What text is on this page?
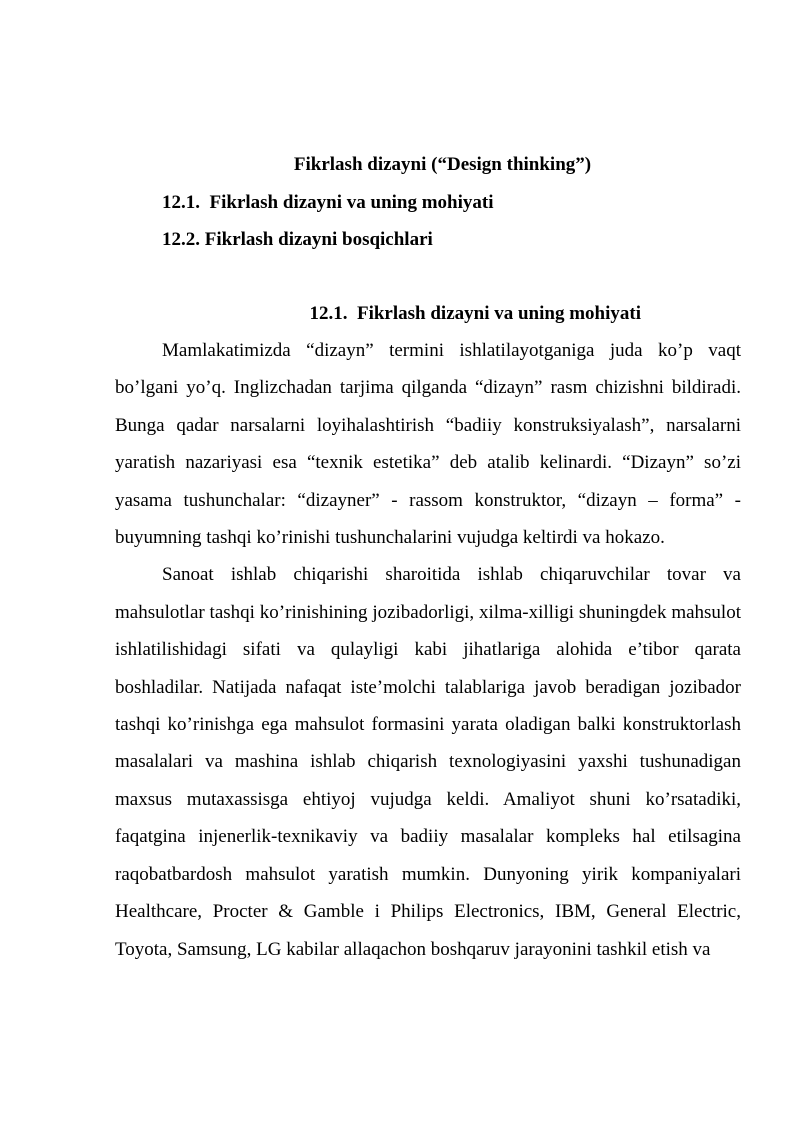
Fikrlash dizayni (“Design thinking”)
12.1.  Fikrlash dizayni va uning mohiyati
12.2. Fikrlash dizayni bosqichlari
12.1.  Fikrlash dizayni va uning mohiyati

Mamlakatimizda “dizayn” termini ishlatilayotganiga juda ko’p vaqt bo’lgani yo’q. Inglizchadan tarjima qilganda “dizayn” rasm chizishni bildiradi. Bunga qadar narsalarni loyihalashtirish “badiiy konstruksiyalash”, narsalarni yaratish nazariyasi esa “texnik estetika” deb atalib kelinardi. “Dizayn” so’zi yasama tushunchalar: “dizayner” - rassom konstruktor, “dizayn – forma” - buyumning tashqi ko’rinishi tushunchalarini vujudga keltirdi va hokazo.

Sanoat ishlab chiqarishi sharoitida ishlab chiqaruvchilar tovar va mahsulotlar tashqi ko’rinishining jozibadorligi, xilma-xilligi shuningdek mahsulot ishlatilishidagi sifati va qulayligi kabi jihatlariga alohida e’tibor qarata boshladilar. Natijada nafaqat iste’molchi talablariga javob beradigan jozibador tashqi ko’rinishga ega mahsulot formasini yarata oladigan balki konstruktorlash masalalari va mashina ishlab chiqarish texnologiyasini yaxshi tushunadigan maxsus mutaxassisga ehtiyoj vujudga keldi. Amaliyot shuni ko’rsatadiki, faqatgina injenerlik-texnikaviy va badiiy masalalar kompleks hal etilsagina raqobatbardosh mahsulot yaratish mumkin. Dunyoning yirik kompaniyalari Healthcare, Procter & Gamble i Philips Electronics, IBM, General Electric, Toyota, Samsung, LG kabilar allaqachon boshqaruv jarayonini tashkil etish va
